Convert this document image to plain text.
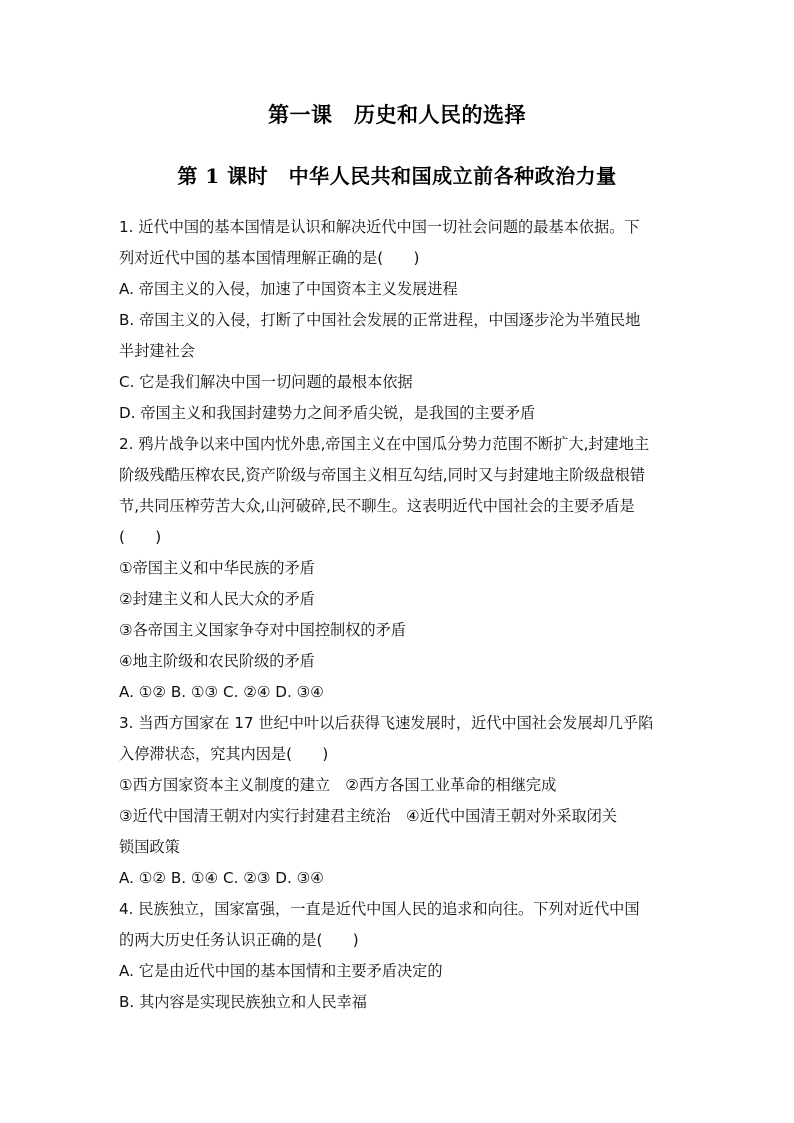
第一课　历史和人民的选择
第 1 课时　中华人民共和国成立前各种政治力量
1. 近代中国的基本国情是认识和解决近代中国一切社会问题的最基本依据。下
列对近代中国的基本国情理解正确的是(　　)
A. 帝国主义的入侵，加速了中国资本主义发展进程
B. 帝国主义的入侵，打断了中国社会发展的正常进程，中国逐步沦为半殖民地
半封建社会
C. 它是我们解决中国一切问题的最根本依据
D. 帝国主义和我国封建势力之间矛盾尖锐，是我国的主要矛盾
2. 鸦片战争以来中国内忧外患,帝国主义在中国瓜分势力范围不断扩大,封建地主
阶级残酷压榨农民,资产阶级与帝国主义相互勾结,同时又与封建地主阶级盘根错
节,共同压榨劳苦大众,山河破碎,民不聊生。这表明近代中国社会的主要矛盾是
(　　)
①帝国主义和中华民族的矛盾
②封建主义和人民大众的矛盾
③各帝国主义国家争夺对中国控制权的矛盾
④地主阶级和农民阶级的矛盾
A. ①② B. ①③ C. ②④ D. ③④
3. 当西方国家在 17 世纪中叶以后获得飞速发展时，近代中国社会发展却几乎陷
入停滞状态，究其内因是(　　)
①西方国家资本主义制度的建立　②西方各国工业革命的相继完成
③近代中国清王朝对内实行封建君主统治　④近代中国清王朝对外采取闭关
锁国政策
A. ①② B. ①④ C. ②③ D. ③④
4. 民族独立，国家富强，一直是近代中国人民的追求和向往。下列对近代中国
的两大历史任务认识正确的是(　　)
A. 它是由近代中国的基本国情和主要矛盾决定的
B. 其内容是实现民族独立和人民幸福
